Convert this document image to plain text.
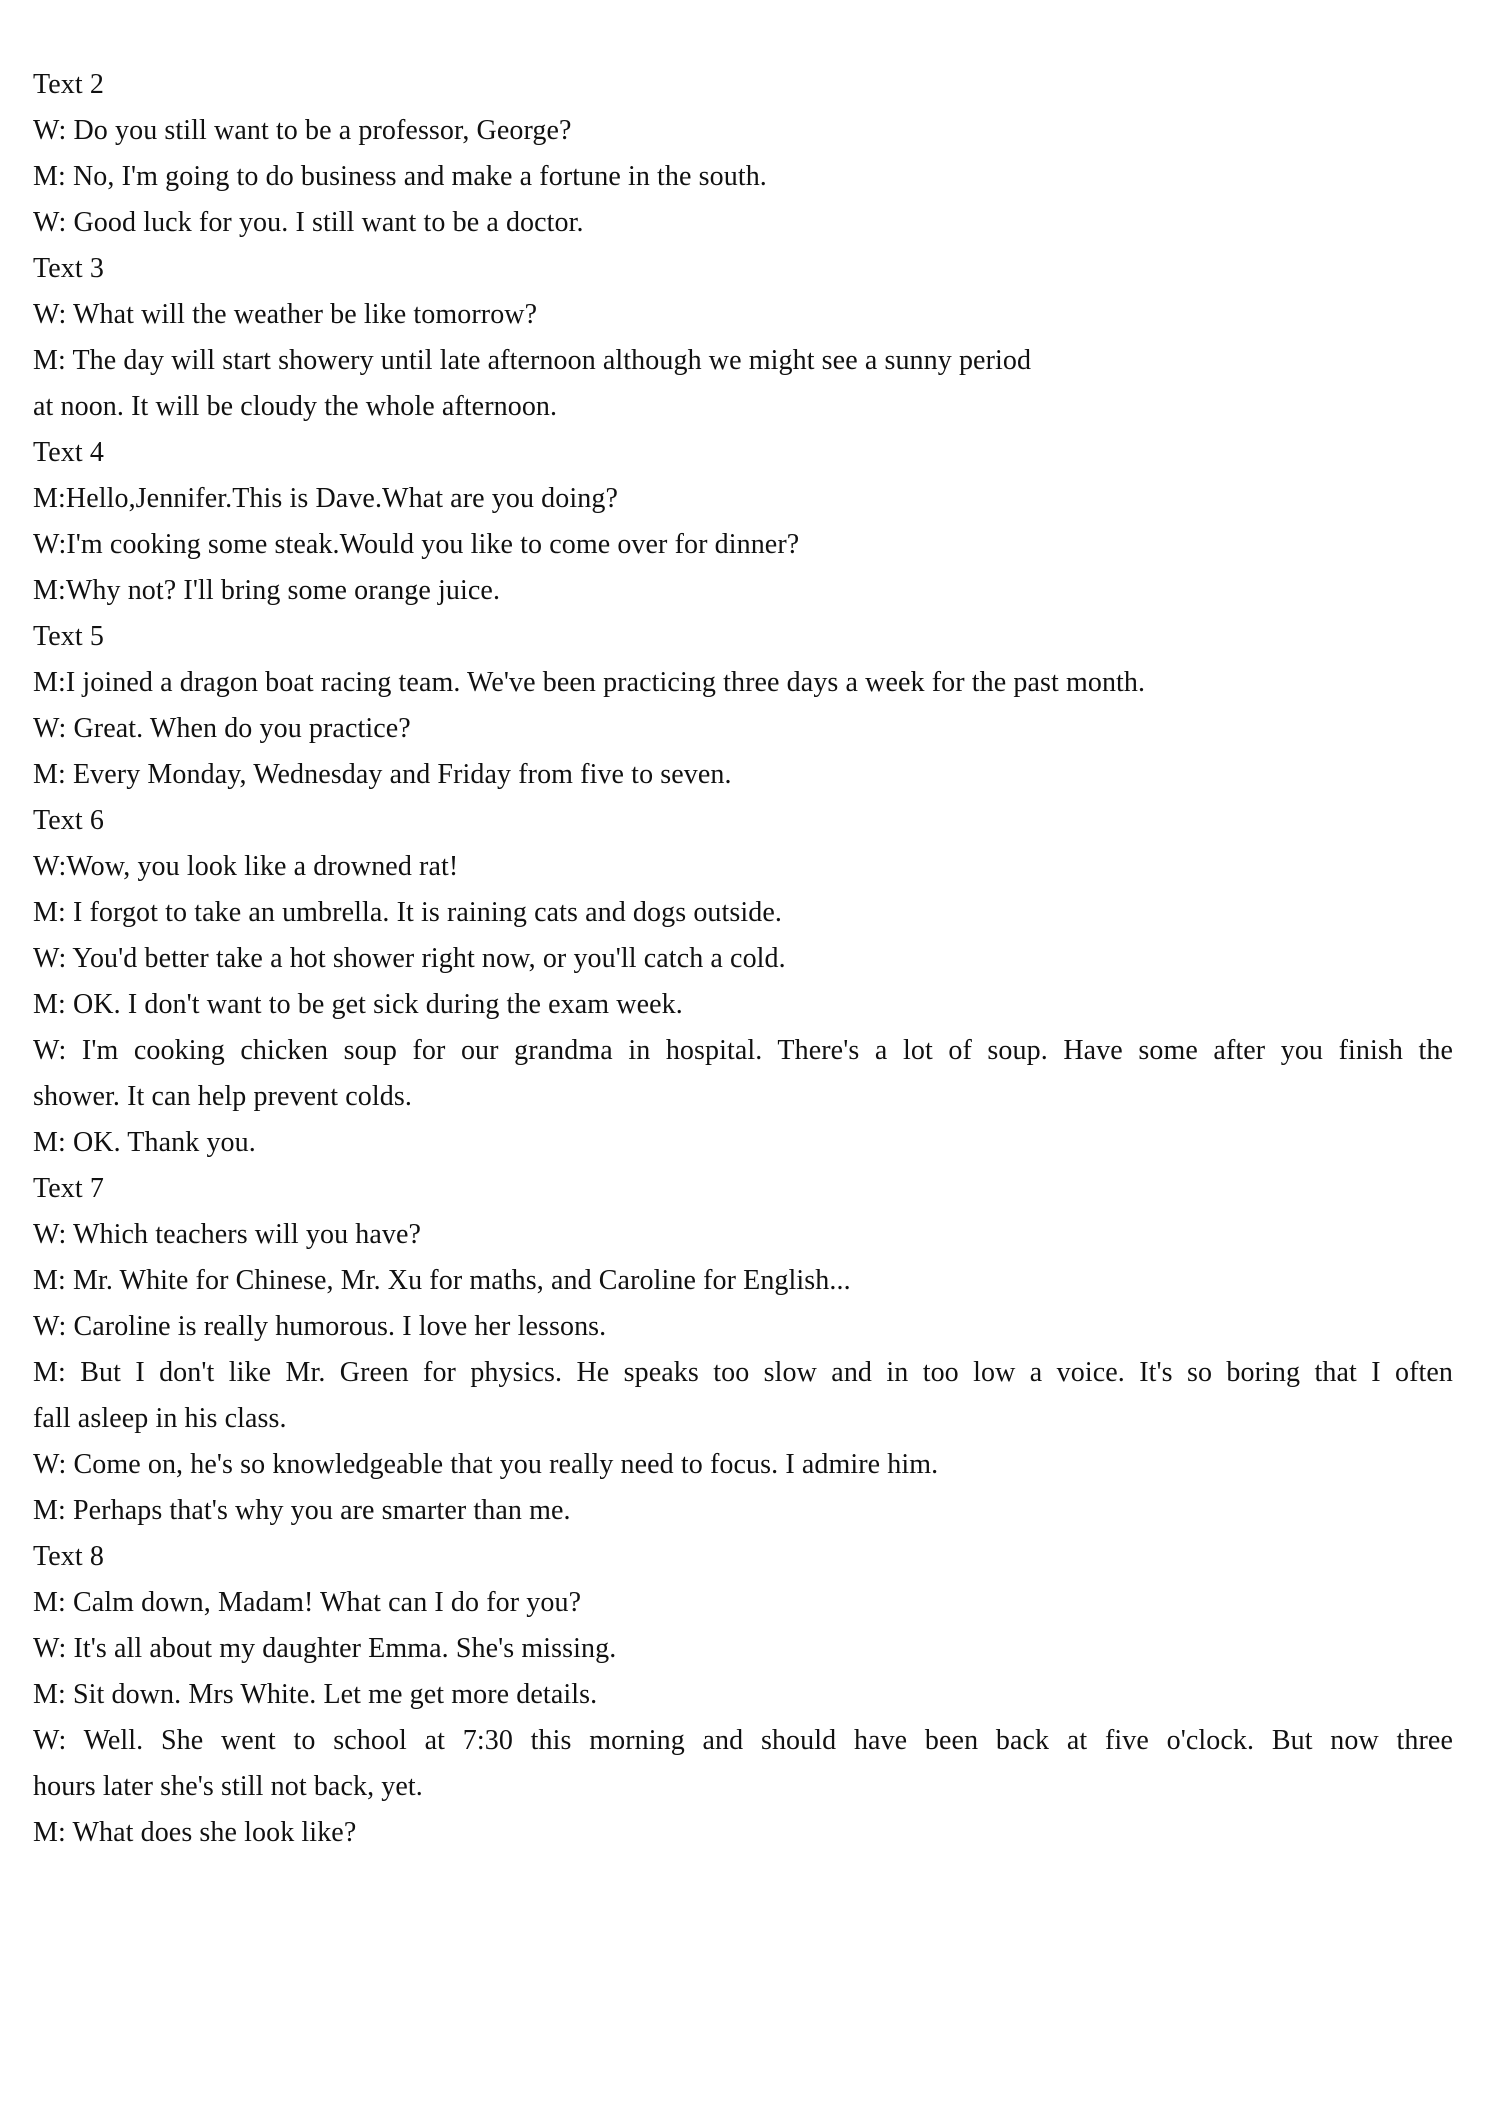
Text 2

W: Do you still want to be a professor, George?

M: No, I'm going to do business and make a fortune in the south.

W: Good luck for you. I still want to be a doctor.

Text 3

W: What will the weather be like tomorrow?

M: The day will start showery until late afternoon although we might see a sunny period

at noon. It will be cloudy the whole afternoon.

Text 4

M:Hello,Jennifer.This is Dave.What are you doing?

W:I'm cooking some steak.Would you like to come over for dinner?

M:Why not? I'll bring some orange juice.

Text 5

M:I joined a dragon boat racing team. We've been practicing three days a week for the past month.

W: Great. When do you practice?

M: Every Monday, Wednesday and Friday from five to seven.

Text 6

W:Wow, you look like a drowned rat!

M: I forgot to take an umbrella. It is raining cats and dogs outside.

W: You'd better take a hot shower right now, or you'll catch a cold.

M: OK. I don't want to be get sick during the exam week.

W: I'm cooking chicken soup for our grandma in hospital. There's a lot of soup. Have some after you finish the

shower. It can help prevent colds.

M: OK. Thank you.

Text 7

W: Which teachers will you have?

M: Mr. White for Chinese, Mr. Xu for maths, and Caroline for English...

W: Caroline is really humorous. I love her lessons.

M: But I don't like Mr. Green for physics. He speaks too slow and in too low a voice. It's so boring that I often

fall asleep in his class.

W: Come on, he's so knowledgeable that you really need to focus. I admire him.

M: Perhaps that's why you are smarter than me.

Text 8

M: Calm down, Madam! What can I do for you?

W: It's all about my daughter Emma. She's missing.

M: Sit down. Mrs White. Let me get more details.

W: Well. She went to school at 7:30 this morning and should have been back at five o'clock. But now three

hours later she's still not back, yet.

M: What does she look like?
